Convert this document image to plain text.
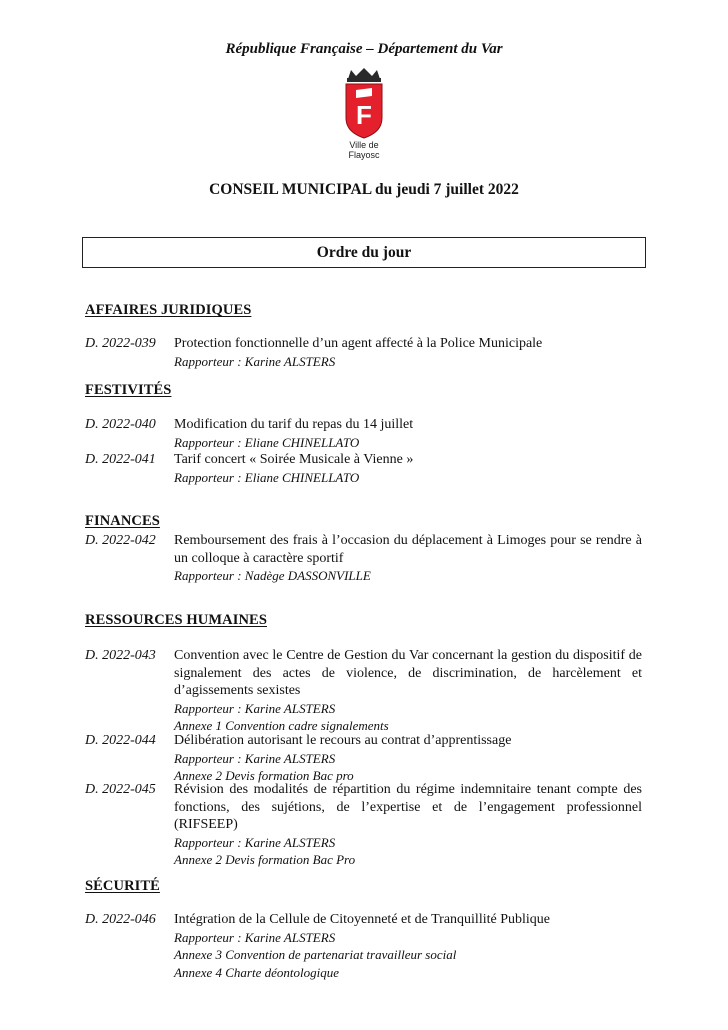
République Française – Département du Var
F
Ville de
Flayosc
CONSEIL MUNICIPAL du jeudi 7 juillet 2022
Ordre du jour
AFFAIRES JURIDIQUES
D. 2022-039 Protection fonctionnelle d’un agent affecté à la Police Municipale
Rapporteur : Karine ALSTERS
FESTIVITÉS
D. 2022-040 Modification du tarif du repas du 14 juillet
Rapporteur : Eliane CHINELLATO
D. 2022-041 Tarif concert « Soirée Musicale à Vienne »
Rapporteur : Eliane CHINELLATO
FINANCES
D. 2022-042 Remboursement des frais à l’occasion du déplacement à Limoges pour se rendre à un colloque à caractère sportif
Rapporteur : Nadège DASSONVILLE
RESSOURCES HUMAINES
D. 2022-043 Convention avec le Centre de Gestion du Var concernant la gestion du dispositif de signalement des actes de violence, de discrimination, de harcèlement et d’agissements sexistes
Rapporteur : Karine ALSTERS
Annexe 1 Convention cadre signalements
D. 2022-044 Délibération autorisant le recours au contrat d’apprentissage
Rapporteur : Karine ALSTERS
Annexe 2 Devis formation Bac pro
D. 2022-045 Révision des modalités de répartition du régime indemnitaire tenant compte des fonctions, des sujétions, de l’expertise et de l’engagement professionnel (RIFSEEP)
Rapporteur : Karine ALSTERS
Annexe 2 Devis formation Bac Pro
SÉCURITÉ
D. 2022-046 Intégration de la Cellule de Citoyenneté et de Tranquillité Publique
Rapporteur : Karine ALSTERS
Annexe 3 Convention de partenariat travailleur social
Annexe 4 Charte déontologique
